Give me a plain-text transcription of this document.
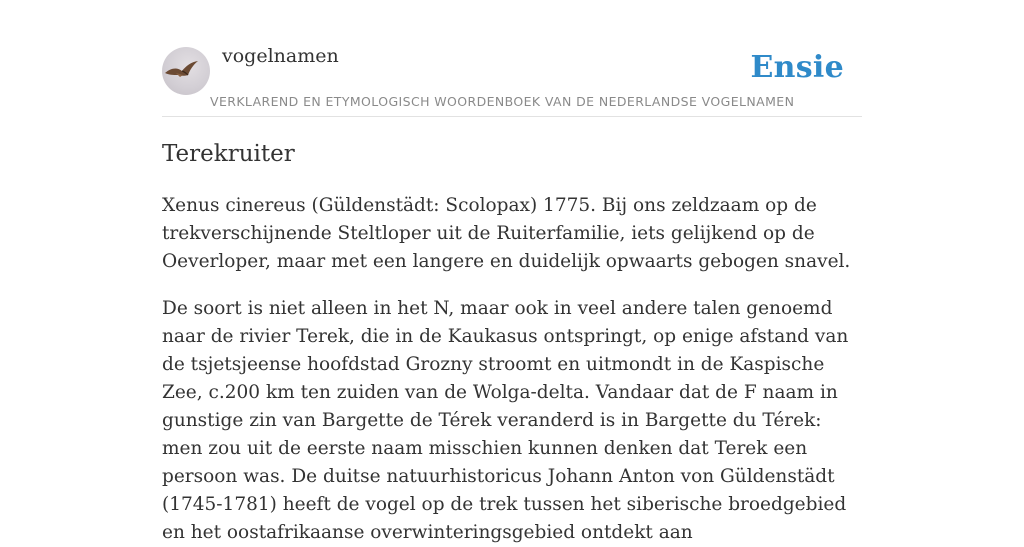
vogelnamen	Ensie
VERKLAREND EN ETYMOLOGISCH WOORDENBOEK VAN DE NEDERLANDSE VOGELNAMEN
Terekruiter

Xenus cinereus (Güldenstädt: Scolopax) 1775. Bij ons zeldzaam op de trekverschijnende Steltloper uit de Ruiterfamilie, iets gelijkend op de Oeverloper, maar met een langere en duidelijk opwaarts gebogen snavel.

De soort is niet alleen in het N, maar ook in veel andere talen genoemd naar de rivier Terek, die in de Kaukasus ontspringt, op enige afstand van de tsjetsjeense hoofdstad Grozny stroomt en uitmondt in de Kaspische Zee, c.200 km ten zuiden van de Wolga-delta. Vandaar dat de F naam in gunstige zin van Bargette de Térek veranderd is in Bargette du Térek: men zou uit de eerste naam misschien kunnen denken dat Terek een persoon was. De duitse natuurhistoricus Johann Anton von Güldenstädt (1745-1781) heeft de vogel op de trek tussen het siberische broedgebied en het oostafrikaanse overwinteringsgebied ontdekt aan
